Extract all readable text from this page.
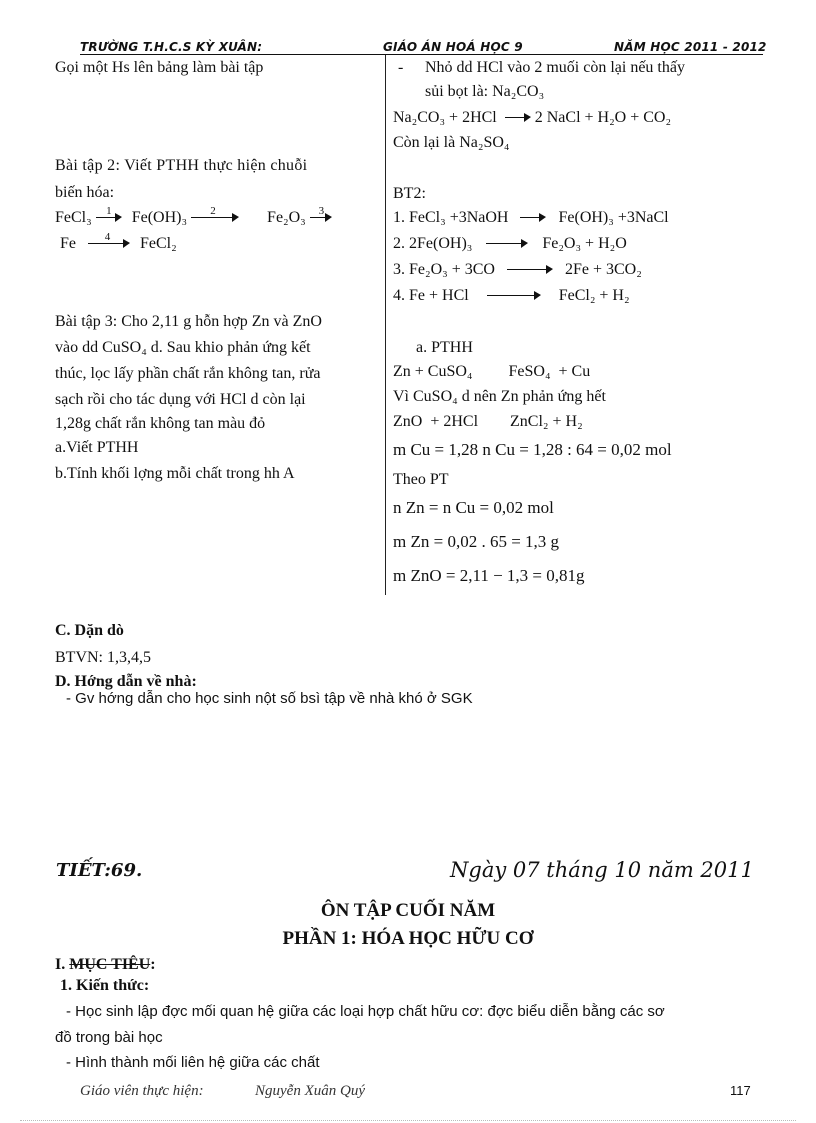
TRƯỜNG T.H.C.S KỲ XUÂN:	GIÁO ÁN HOÁ HỌC 9	NĂM HỌC 2011 - 2012
Gọi một Hs lên bảng làm bài tập
Bài tập 2: Viết PTHH thực hiện chuỗi
biến hóa:
FeCl₃ 1 Fe(OH)₃ 2	Fe₂O₃ 3
Fe	4 FeCl₂
Bài tập 3: Cho 2,11 g hỗn hợp Zn và ZnO
vào dd CuSO₄ d. Sau khio phản ứng kết
thúc, lọc lấy phần chất rắn không tan, rửa
sạch rồi cho tác dụng với HCl d còn lại
1,28g chất rắn không tan màu đỏ
a.Viết PTHH
b.Tính khối lợng mỗi chất trong hh A
- Nhỏ dd HCl vào 2 muối còn lại nếu thấy
sủi bọt là: Na₂CO₃
Na₂CO₃ + 2HCl 2 NaCl + H₂O + CO₂
Còn lại là Na₂SO₄
BT2:
1. FeCl₃ +3NaOH	Fe(OH)₃ +3NaCl
2. 2Fe(OH)₃	Fe₂O₃ + H₂O
3. Fe₂O₃ + 3CO	2Fe + 3CO₂
4. Fe + HCl	FeCl₂ + H₂
a. PTHH
Zn + CuSO₄         FeSO₄  + Cu
Vì CuSO₄ d nên Zn phản ứng hết
ZnO  + 2HCl        ZnCl₂ + H₂
m Cu = 1,28 n Cu = 1,28 : 64 = 0,02 mol
Theo PT
n Zn = n Cu = 0,02 mol
m Zn = 0,02 . 65 = 1,3 g
m ZnO = 2,11 − 1,3 = 0,81g
C. Dặn dò
BTVN: 1,3,4,5
D. Hớng dẫn về nhà:
- Gv hớng dẫn cho học sinh nột số bsì tập về nhà khó ở SGK
TIẾT:69.	Ngày 07 tháng 10 năm 2011
ÔN TẬP CUỐI NĂM
PHẦN 1: HÓA HỌC HỮU CƠ
I. MỤC TIÊU:
1. Kiến thức:
- Học sinh lập đợc mối quan hệ giữa các loại hợp chất hữu cơ: đợc biểu diễn bằng các sơ
đồ trong bài học
- Hình thành mối liên hệ giữa các chất
Giáo viên thực hiện:	Nguyễn Xuân Quý	117
